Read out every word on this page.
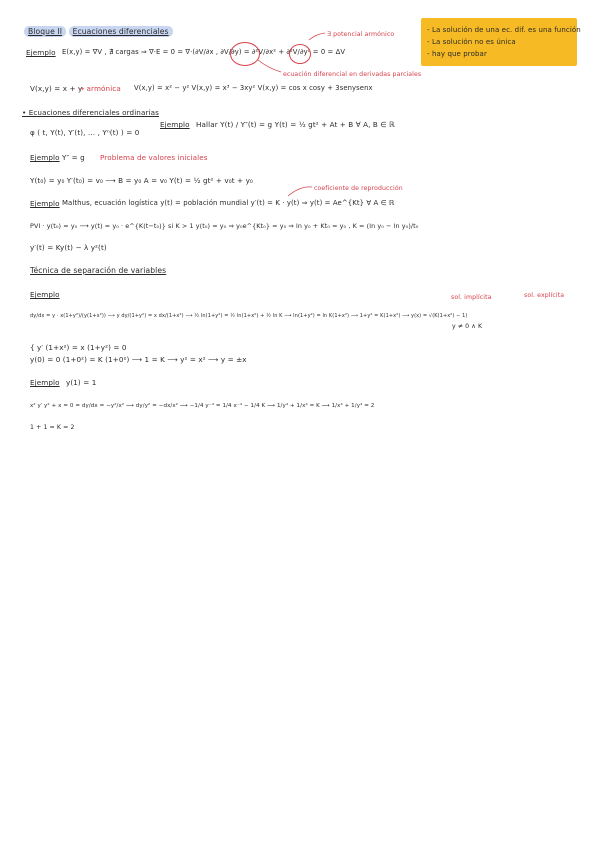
Bloque II Ecuaciones diferenciales	- La solución de una ec. dif. es una función
- La solución no es única
- hay que probar
Ejemplo E(x,y) = ∇V , ∄ cargas ⇒ ∇·E = 0 = ∇·(∂V/∂x , ∂V/∂y) = ∂²V/∂x² + ∂²V/∂y² = 0 = ΔV
∃ potencial armónico
ecuación diferencial en derivadas parciales
V(x,y) = x + y
→ armónica V(x,y) = x² − y² V(x,y) = x³ − 3xy² V(x,y) = cos x cosy + 3senysenx
• Ecuaciones diferenciales ordinarias
φ ( t, Y(t), Y′(t), … , Yⁿ(t) ) = 0
Ejemplo Hallar Y(t) / Y″(t) = g Y(t) = ½ gt² + At + B ∀ A, B ∈ ℝ
Ejemplo Y″ = g Problema de valores iniciales
Y(t₀) = y₀ Y′(t₀) = v₀ ⟶ B = y₀ A = v₀ Y(t) = ½ gt² + v₀t + y₀
Ejemplo Malthus, ecuación logística y(t) = población mundial y′(t) = K · y(t) ⇒ y(t) = Ae^{Kt} ∀ A ∈ ℝ
coeficiente de reproducción
PVI · y(t₀) = y₀ ⟶ y(t) = y₀ · e^{K(t−t₀)} si K > 1 y(t₀) = y₀ ⇒ y₀e^{Kt₀} = y₀ ⇒ ln y₀ + Kt₀ = y₀ , K = (ln y₀ − ln y₀)/t₀
y′(t) = Ky(t) − λ y²(t)
Técnica de separación de variables
Ejemplo	sol. implícita	sol. explícita
dy/dx = y · x(1+y²)/(y(1+x²)) ⟶ y dy/(1+y²) = x dx/(1+x²) ⟶ ½ ln(1+y²) = ½ ln(1+x²) + ½ ln K ⟶ ln(1+y²) = ln K(1+x²) ⟶ 1+y² = K(1+x²) ⟶ y(x) = √(K(1+x²) − 1)
y ≠ 0 ∧ K
{ y′ (1+x²) = x (1+y²) = 0
y(0) = 0 (1+0²) = K (1+0²) ⟶ 1 = K ⟶ y² = x² ⟶ y = ±x
Ejemplo y(1) = 1
x² y′ y² + x = 0 = dy/dx = −y²/x² ⟶ dy/y² = −dx/x² ⟶ −1/4 y⁻⁴ = 1/4 x⁻⁴ − 1/4 K ⟶ 1/y⁴ + 1/x⁴ = K ⟶ 1/x⁴ + 1/y⁴ = 2
1 + 1 = K = 2
